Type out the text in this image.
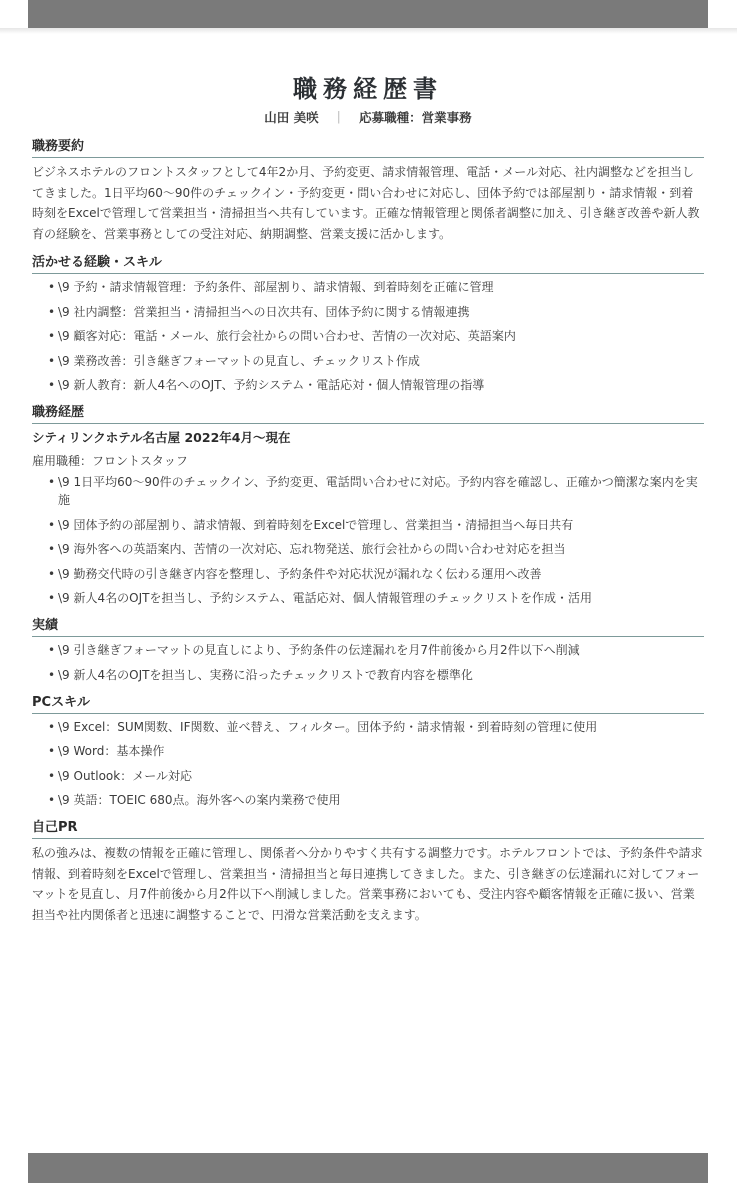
職務経歴書
山田 美咲 ｜ 応募職種：営業事務
職務要約

ビジネスホテルのフロントスタッフとして4年2か月、予約変更、請求情報管理、電話・メール対応、社内調整などを担当してきました。1日平均60～90件のチェックイン・予約変更・問い合わせに対応し、団体予約では部屋割り・請求情報・到着時刻をExcelで管理して営業担当・清掃担当へ共有しています。正確な情報管理と関係者調整に加え、引き継ぎ改善や新人教育の経験を、営業事務としての受注対応、納期調整、営業支援に活かします。

活かせる経験・スキル
• \9 予約・請求情報管理：予約条件、部屋割り、請求情報、到着時刻を正確に管理
• \9 社内調整：営業担当・清掃担当への日次共有、団体予約に関する情報連携
• \9 顧客対応：電話・メール、旅行会社からの問い合わせ、苦情の一次対応、英語案内
• \9 業務改善：引き継ぎフォーマットの見直し、チェックリスト作成
• \9 新人教育：新人4名へのOJT、予約システム・電話応対・個人情報管理の指導
職務経歴
シティリンクホテル名古屋 2022年4月～現在
雇用職種：フロントスタッフ
• \9 1日平均60～90件のチェックイン、予約変更、電話問い合わせに対応。予約内容を確認し、正確かつ簡潔な案内を実施
• \9 団体予約の部屋割り、請求情報、到着時刻をExcelで管理し、営業担当・清掃担当へ毎日共有
• \9 海外客への英語案内、苦情の一次対応、忘れ物発送、旅行会社からの問い合わせ対応を担当
• \9 勤務交代時の引き継ぎ内容を整理し、予約条件や対応状況が漏れなく伝わる運用へ改善
• \9 新人4名のOJTを担当し、予約システム、電話応対、個人情報管理のチェックリストを作成・活用
実績
• \9 引き継ぎフォーマットの見直しにより、予約条件の伝達漏れを月7件前後から月2件以下へ削減
• \9 新人4名のOJTを担当し、実務に沿ったチェックリストで教育内容を標準化
PCスキル
• \9 Excel：SUM関数、IF関数、並べ替え、フィルター。団体予約・請求情報・到着時刻の管理に使用
• \9 Word：基本操作
• \9 Outlook：メール対応
• \9 英語：TOEIC 680点。海外客への案内業務で使用
自己PR

私の強みは、複数の情報を正確に管理し、関係者へ分かりやすく共有する調整力です。ホテルフロントでは、予約条件や請求情報、到着時刻をExcelで管理し、営業担当・清掃担当と毎日連携してきました。また、引き継ぎの伝達漏れに対してフォーマットを見直し、月7件前後から月2件以下へ削減しました。営業事務においても、受注内容や顧客情報を正確に扱い、営業担当や社内関係者と迅速に調整することで、円滑な営業活動を支えます。
